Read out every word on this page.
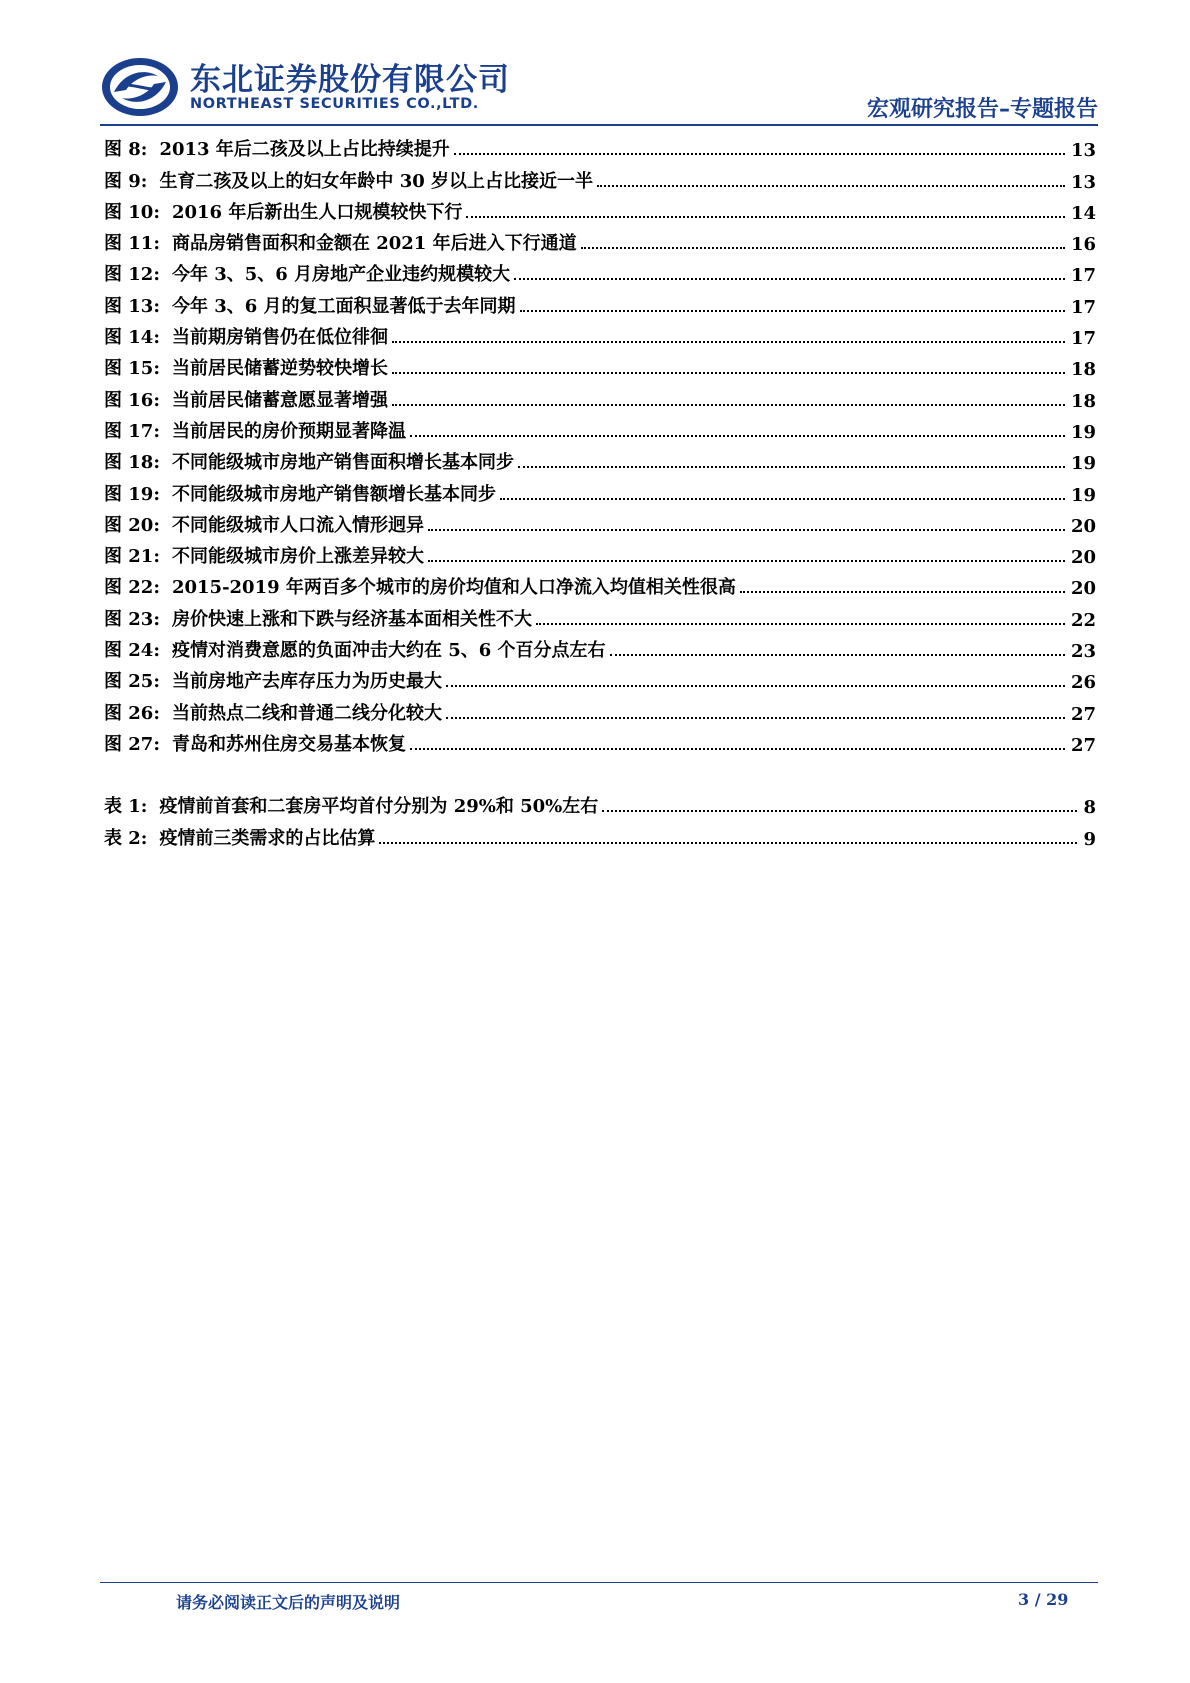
东北证券股份有限公司
NORTHEAST SECURITIES CO.,LTD.	宏观研究报告–专题报告
图 8: 2013 年后二孩及以上占比持续提升	13
图 9: 生育二孩及以上的妇女年龄中 30 岁以上占比接近一半	13
图 10: 2016 年后新出生人口规模较快下行	14
图 11: 商品房销售面积和金额在 2021 年后进入下行通道	16
图 12: 今年 3、5、6 月房地产企业违约规模较大	17
图 13: 今年 3、6 月的复工面积显著低于去年同期	17
图 14: 当前期房销售仍在低位徘徊	17
图 15: 当前居民储蓄逆势较快增长	18
图 16: 当前居民储蓄意愿显著增强	18
图 17: 当前居民的房价预期显著降温	19
图 18: 不同能级城市房地产销售面积增长基本同步	19
图 19: 不同能级城市房地产销售额增长基本同步	19
图 20: 不同能级城市人口流入情形迥异	20
图 21: 不同能级城市房价上涨差异较大	20
图 22: 2015-2019 年两百多个城市的房价均值和人口净流入均值相关性很高	20
图 23: 房价快速上涨和下跌与经济基本面相关性不大	22
图 24: 疫情对消费意愿的负面冲击大约在 5、6 个百分点左右	23
图 25: 当前房地产去库存压力为历史最大	26
图 26: 当前热点二线和普通二线分化较大	27
图 27: 青岛和苏州住房交易基本恢复	27
表 1: 疫情前首套和二套房平均首付分别为 29%和 50%左右	8
表 2: 疫情前三类需求的占比估算	9
请务必阅读正文后的声明及说明	3 / 29
